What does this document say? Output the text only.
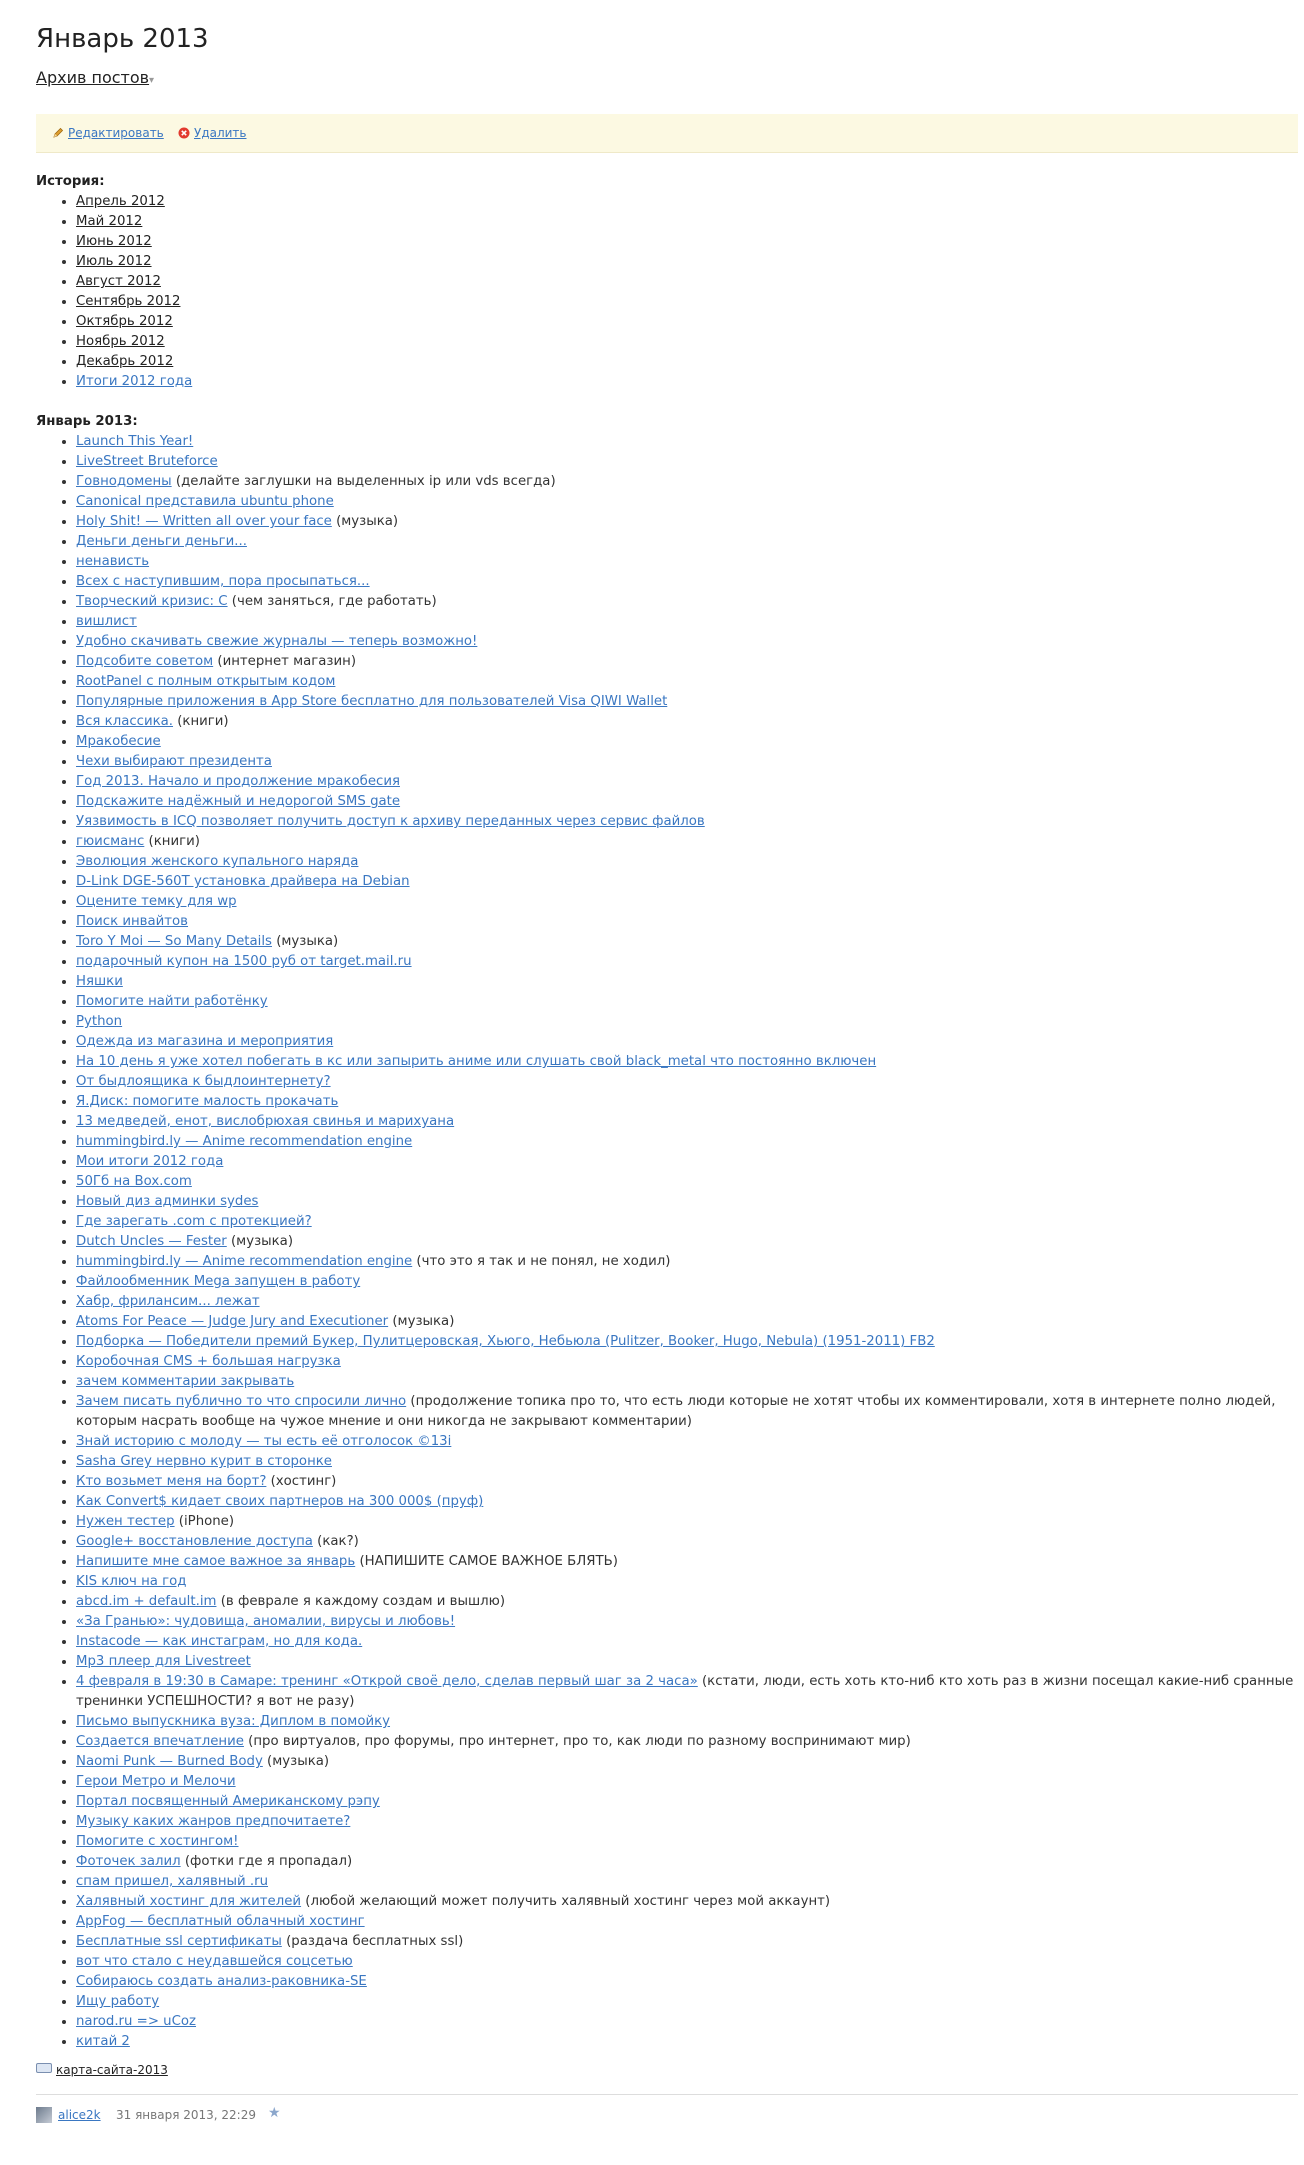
Январь 2013
Архив постов ▾
Редактировать	Удалить
История:
• Апрель 2012
• Май 2012
• Июнь 2012
• Июль 2012
• Август 2012
• Сентябрь 2012
• Октябрь 2012
• Ноябрь 2012
• Декабрь 2012
• Итоги 2012 года
Январь 2013:
• Launch This Year!
• LiveStreet Bruteforce
• Говнодомены (делайте заглушки на выделенных ip или vds всегда)
• Canonical представила ubuntu phone
• Holy Shit! — Written all over your face (музыка)
• Деньги деньги деньги...
• ненависть
• Всех с наступившим, пора просыпаться...
• Творческий кризис: С (чем заняться, где работать)
• вишлист
• Удобно скачивать свежие журналы — теперь возможно!
• Подсобите советом (интернет магазин)
• RootPanel с полным открытым кодом
• Популярные приложения в App Store бесплатно для пользователей Visa QIWI Wallet
• Вся классика. (книги)
• Мракобесие
• Чехи выбирают президента
• Год 2013. Начало и продолжение мракобесия
• Подскажите надёжный и недорогой SMS gate
• Уязвимость в ICQ позволяет получить доступ к архиву переданных через сервис файлов
• гюисманс (книги)
• Эволюция женского купального наряда
• D-Link DGE-560T установка драйвера на Debian
• Оцените темку для wp
• Поиск инвайтов
• Toro Y Moi — So Many Details (музыка)
• подарочный купон на 1500 руб от target.mail.ru
• Няшки
• Помогите найти работёнку
• Python
• Одежда из магазина и мероприятия
• На 10 день я уже хотел побегать в кс или запырить аниме или слушать свой black_metal что постоянно включен
• От быдлоящика к быдлоинтернету?
• Я.Диск: помогите малость прокачать
• 13 медведей, енот, вислобрюхая свинья и марихуана
• hummingbird.ly — Anime recommendation engine
• Мои итоги 2012 года
• 50Гб на Box.com
• Новый диз админки sydes
• Где зарегать .com с протекцией?
• Dutch Uncles — Fester (музыка)
• hummingbird.ly — Anime recommendation engine (что это я так и не понял, не ходил)
• Файлообменник Mega запущен в работу
• Хабр, фрилансим... лежат
• Atoms For Peace — Judge Jury and Executioner (музыка)
• Подборка — Победители премий Букер, Пулитцеровская, Хьюго, Небьюла (Pulitzer, Booker, Hugo, Nebula) (1951-2011) FB2
• Коробочная CMS + большая нагрузка
• зачем комментарии закрывать
• Зачем писать публично то что спросили лично (продолжение топика про то, что есть люди которые не хотят чтобы их комментировали, хотя в интернете полно людей, которым насрать вообще на чужое мнение и они никогда не закрывают комментарии)
• Знай историю с молоду — ты есть её отголосок ©13i
• Sasha Grey нервно курит в сторонке
• Кто возьмет меня на борт? (хостинг)
• Как Convert$ кидает своих партнеров на 300 000$ (пруф)
• Нужен тестер (iPhone)
• Google+ восстановление доступа (как?)
• Напишите мне самое важное за январь (НАПИШИТЕ САМОЕ ВАЖНОЕ БЛЯТЬ)
• KIS ключ на год
• abcd.im + default.im (в феврале я каждому создам и вышлю)
• «За Гранью»: чудовища, аномалии, вирусы и любовь!
• Instacode — как инстаграм, но для кода.
• Mp3 плеер для Livestreet
• 4 февраля в 19:30 в Самаре: тренинг «Открой своё дело, сделав первый шаг за 2 часа» (кстати, люди, есть хоть кто-ниб кто хоть раз в жизни посещал какие-ниб сранные тренинки УСПЕШНОСТИ? я вот не разу)
• Письмо выпускника вуза: Диплом в помойку
• Создается впечатление (про виртуалов, про форумы, про интернет, про то, как люди по разному воспринимают мир)
• Naomi Punk — Burned Body (музыка)
• Герои Метро и Мелочи
• Портал посвященный Американскому рэпу
• Музыку каких жанров предпочитаете?
• Помогите с хостингом!
• Фоточек залил (фотки где я пропадал)
• спам пришел, халявный .ru
• Халявный хостинг для жителей (любой желающий может получить халявный хостинг через мой аккаунт)
• AppFog — бесплатный облачный хостинг
• Бесплатные ssl сертификаты (раздача бесплатных ssl)
• вот что стало с неудавшейся соцсетью
• Собираюсь создать анализ-раковника-SE
• Ищу работу
• narod.ru => uCoz
• китай 2
карта-сайта-2013
alice2k 31 января 2013, 22:29 ★
